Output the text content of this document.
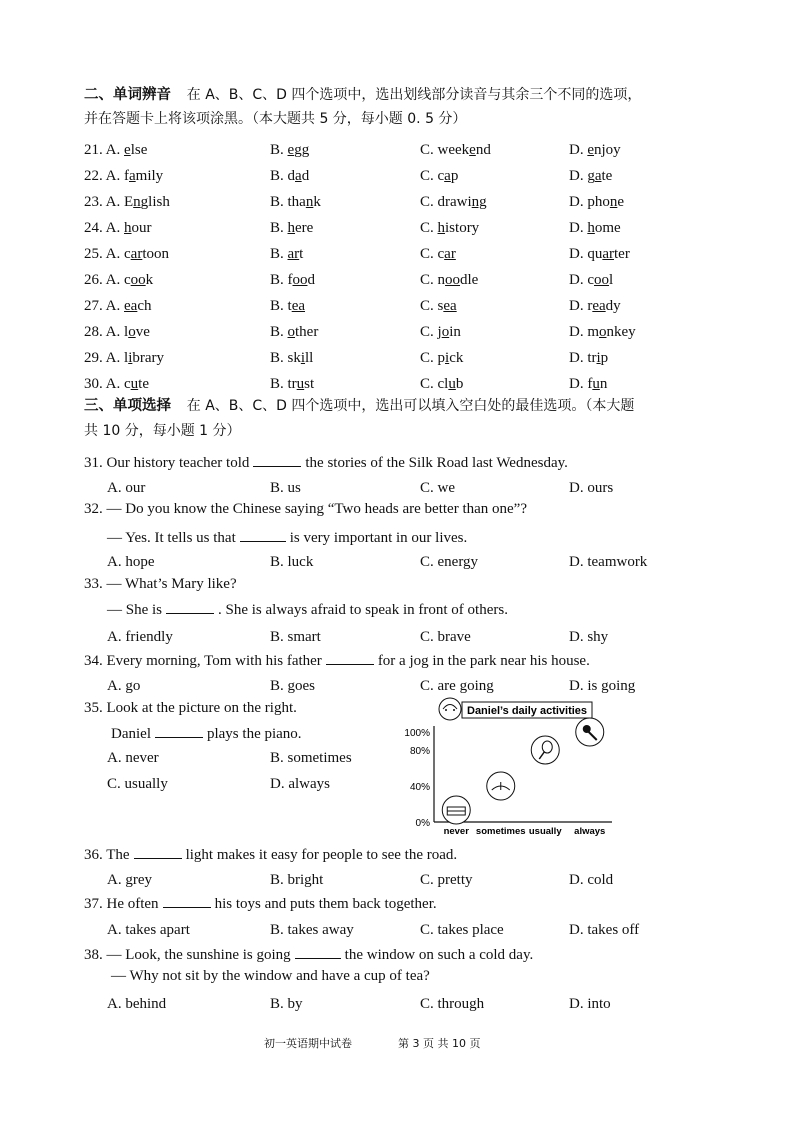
二、单词辨音 在 A、B、C、D 四个选项中，选出划线部分读音与其余三个不同的选项，
并在答题卡上将该项涂黑。（本大题共 5 分，每小题 0. 5 分）
21. A. else	B. egg	C. weekend	D. enjoy
22. A. family	B. dad	C. cap	D. gate
23. A. English	B. thank	C. drawing	D. phone
24. A. hour	B. here	C. history	D. home
25. A. cartoon	B. art	C. car	D. quarter
26. A. cook	B. food	C. noodle	D. cool
27. A. each	B. tea	C. sea	D. ready
28. A. love	B. other	C. join	D. monkey
29. A. library	B. skill	C. pick	D. trip
30. A. cute	B. trust	C. club	D. fun
三、单项选择 在 A、B、C、D 四个选项中，选出可以填入空白处的最佳选项。（本大题
共 10 分，每小题 1 分）
31. Our history teacher told	the stories of the Silk Road last Wednesday.
A. our	B. us	C. we	D. ours
32. — Do you know the Chinese saying “Two heads are better than one”?
— Yes. It tells us that	is very important in our lives.
A. hope	B. luck	C. energy	D. teamwork
33. — What’s Mary like?
— She is	. She is always afraid to speak in front of others.
A. friendly	B. smart	C. brave	D. shy
34. Every morning, Tom with his father	for a jog in the park near his house.
A. go	B. goes	C. are going	D. is going
35. Look at the picture on the right.
Daniel	plays the piano.
A. never	B. sometimes
C. usually	D. always
Daniel’s daily activities
0%
40%
80%
100%
never sometimes usually always
36. The	light makes it easy for people to see the road.
A. grey	B. bright	C. pretty	D. cold
37. He often	his toys and puts them back together.
A. takes apart	B. takes away	C. takes place	D. takes off
38. — Look, the sunshine is going	the window on such a cold day.
— Why not sit by the window and have a cup of tea?
A. behind	B. by	C. through	D. into
初一英语期中试卷	第 3 页 共 10 页
